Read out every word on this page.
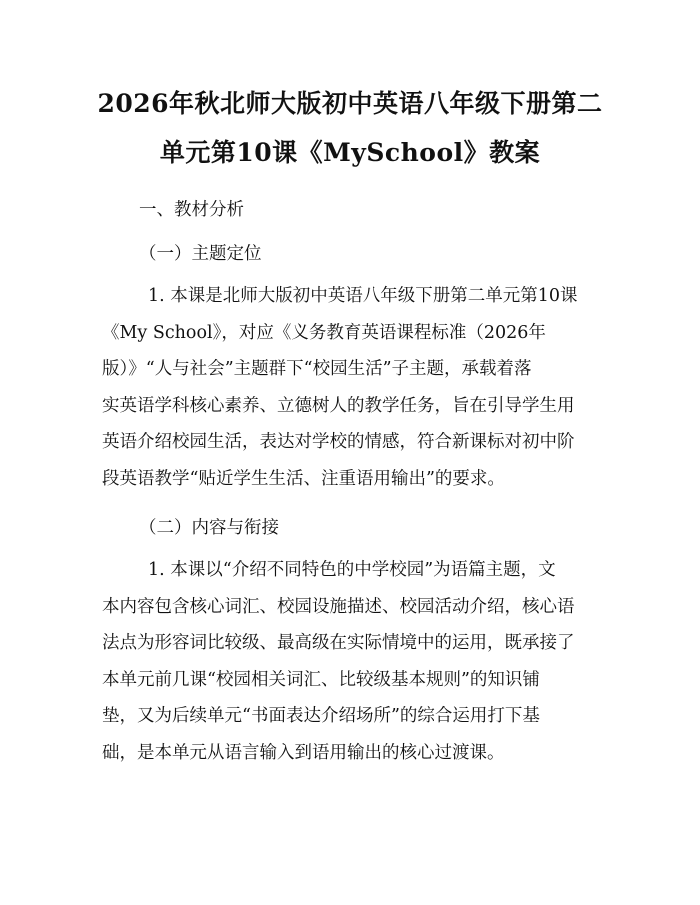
2026年秋北师大版初中英语八年级下册第二
单元第10课《MySchool》教案
一、教材分析
（一）主题定位
1. 本课是北师大版初中英语八年级下册第二单元第10课
《My School》，对应《义务教育英语课程标准（2026年
版）》“人与社会”主题群下“校园生活”子主题，承载着落
实英语学科核心素养、立德树人的教学任务，旨在引导学生用
英语介绍校园生活，表达对学校的情感，符合新课标对初中阶
段英语教学“贴近学生生活、注重语用输出”的要求。
（二）内容与衔接
1. 本课以“介绍不同特色的中学校园”为语篇主题，文
本内容包含核心词汇、校园设施描述、校园活动介绍，核心语
法点为形容词比较级、最高级在实际情境中的运用，既承接了
本单元前几课“校园相关词汇、比较级基本规则”的知识铺
垫，又为后续单元“书面表达介绍场所”的综合运用打下基
础，是本单元从语言输入到语用输出的核心过渡课。
